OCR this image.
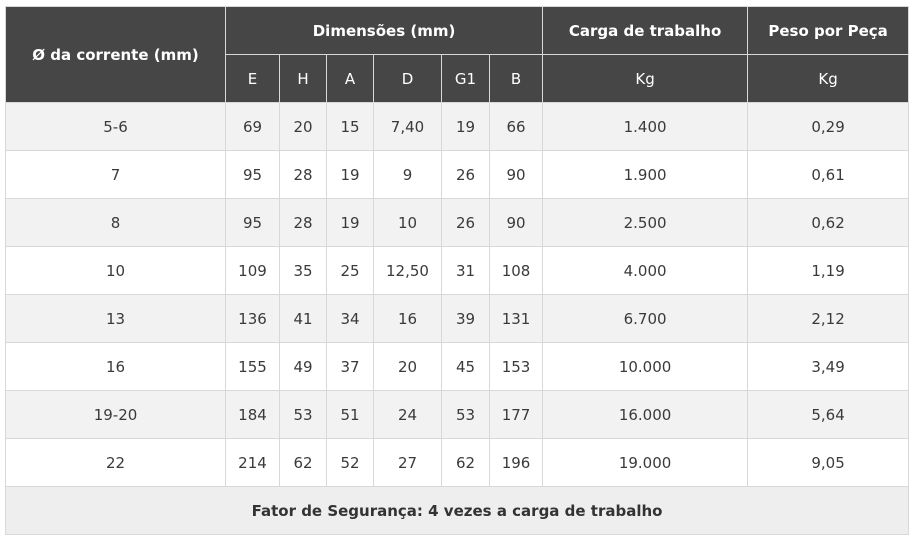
Ø da corrente (mm)	Dimensões (mm)						Carga de trabalho	Peso por Peça
	E	H	A	D	G1	B	Kg	Kg
5-6	69	20	15	7,40	19	66	1.400	0,29
7	95	28	19	9	26	90	1.900	0,61
8	95	28	19	10	26	90	2.500	0,62
10	109	35	25	12,50	31	108	4.000	1,19
13	136	41	34	16	39	131	6.700	2,12
16	155	49	37	20	45	153	10.000	3,49
19-20	184	53	51	24	53	177	16.000	5,64
22	214	62	52	27	62	196	19.000	9,05
Fator de Segurança: 4 vezes a carga de trabalho								
